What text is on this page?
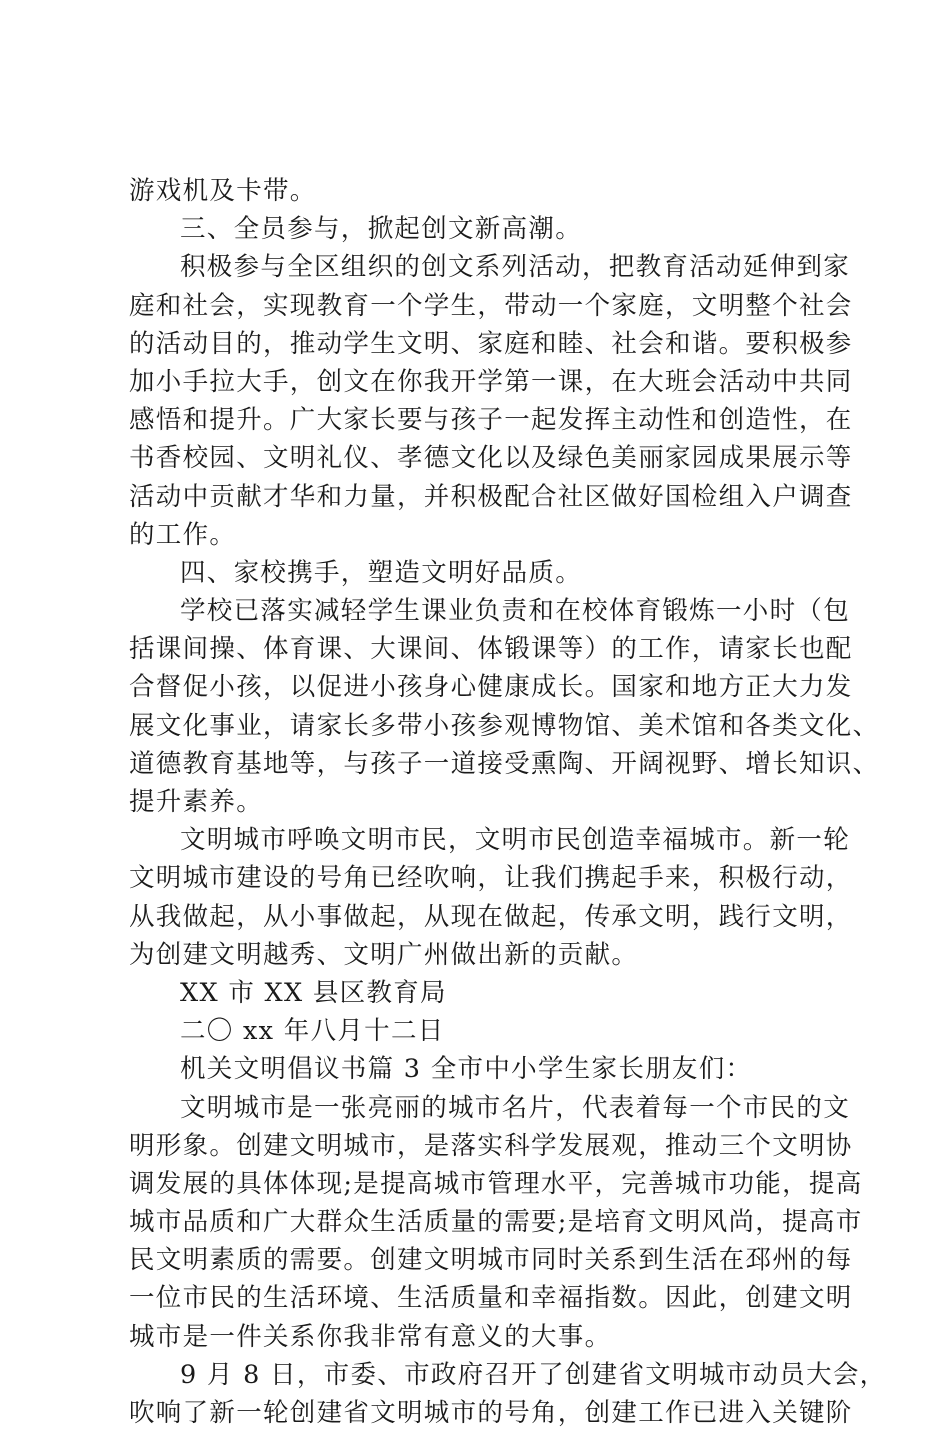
游戏机及卡带。
三、全员参与，掀起创文新高潮。
积极参与全区组织的创文系列活动，把教育活动延伸到家
庭和社会，实现教育一个学生，带动一个家庭，文明整个社会
的活动目的，推动学生文明、家庭和睦、社会和谐。要积极参
加小手拉大手，创文在你我开学第一课，在大班会活动中共同
感悟和提升。广大家长要与孩子一起发挥主动性和创造性，在
书香校园、文明礼仪、孝德文化以及绿色美丽家园成果展示等
活动中贡献才华和力量，并积极配合社区做好国检组入户调查
的工作。
四、家校携手，塑造文明好品质。
学校已落实减轻学生课业负责和在校体育锻炼一小时（包
括课间操、体育课、大课间、体锻课等）的工作，请家长也配
合督促小孩，以促进小孩身心健康成长。国家和地方正大力发
展文化事业，请家长多带小孩参观博物馆、美术馆和各类文化、
道德教育基地等，与孩子一道接受熏陶、开阔视野、增长知识、
提升素养。
文明城市呼唤文明市民，文明市民创造幸福城市。新一轮
文明城市建设的号角已经吹响，让我们携起手来，积极行动，
从我做起，从小事做起，从现在做起，传承文明，践行文明，
为创建文明越秀、文明广州做出新的贡献。
XX 市 XX 县区教育局
二〇 xx 年八月十二日
机关文明倡议书篇 3 全市中小学生家长朋友们：
文明城市是一张亮丽的城市名片，代表着每一个市民的文
明形象。创建文明城市，是落实科学发展观，推动三个文明协
调发展的具体体现;是提高城市管理水平，完善城市功能，提高
城市品质和广大群众生活质量的需要;是培育文明风尚，提高市
民文明素质的需要。创建文明城市同时关系到生活在邳州的每
一位市民的生活环境、生活质量和幸福指数。因此，创建文明
城市是一件关系你我非常有意义的大事。
9 月 8 日，市委、市政府召开了创建省文明城市动员大会，
吹响了新一轮创建省文明城市的号角，创建工作已进入关键阶
